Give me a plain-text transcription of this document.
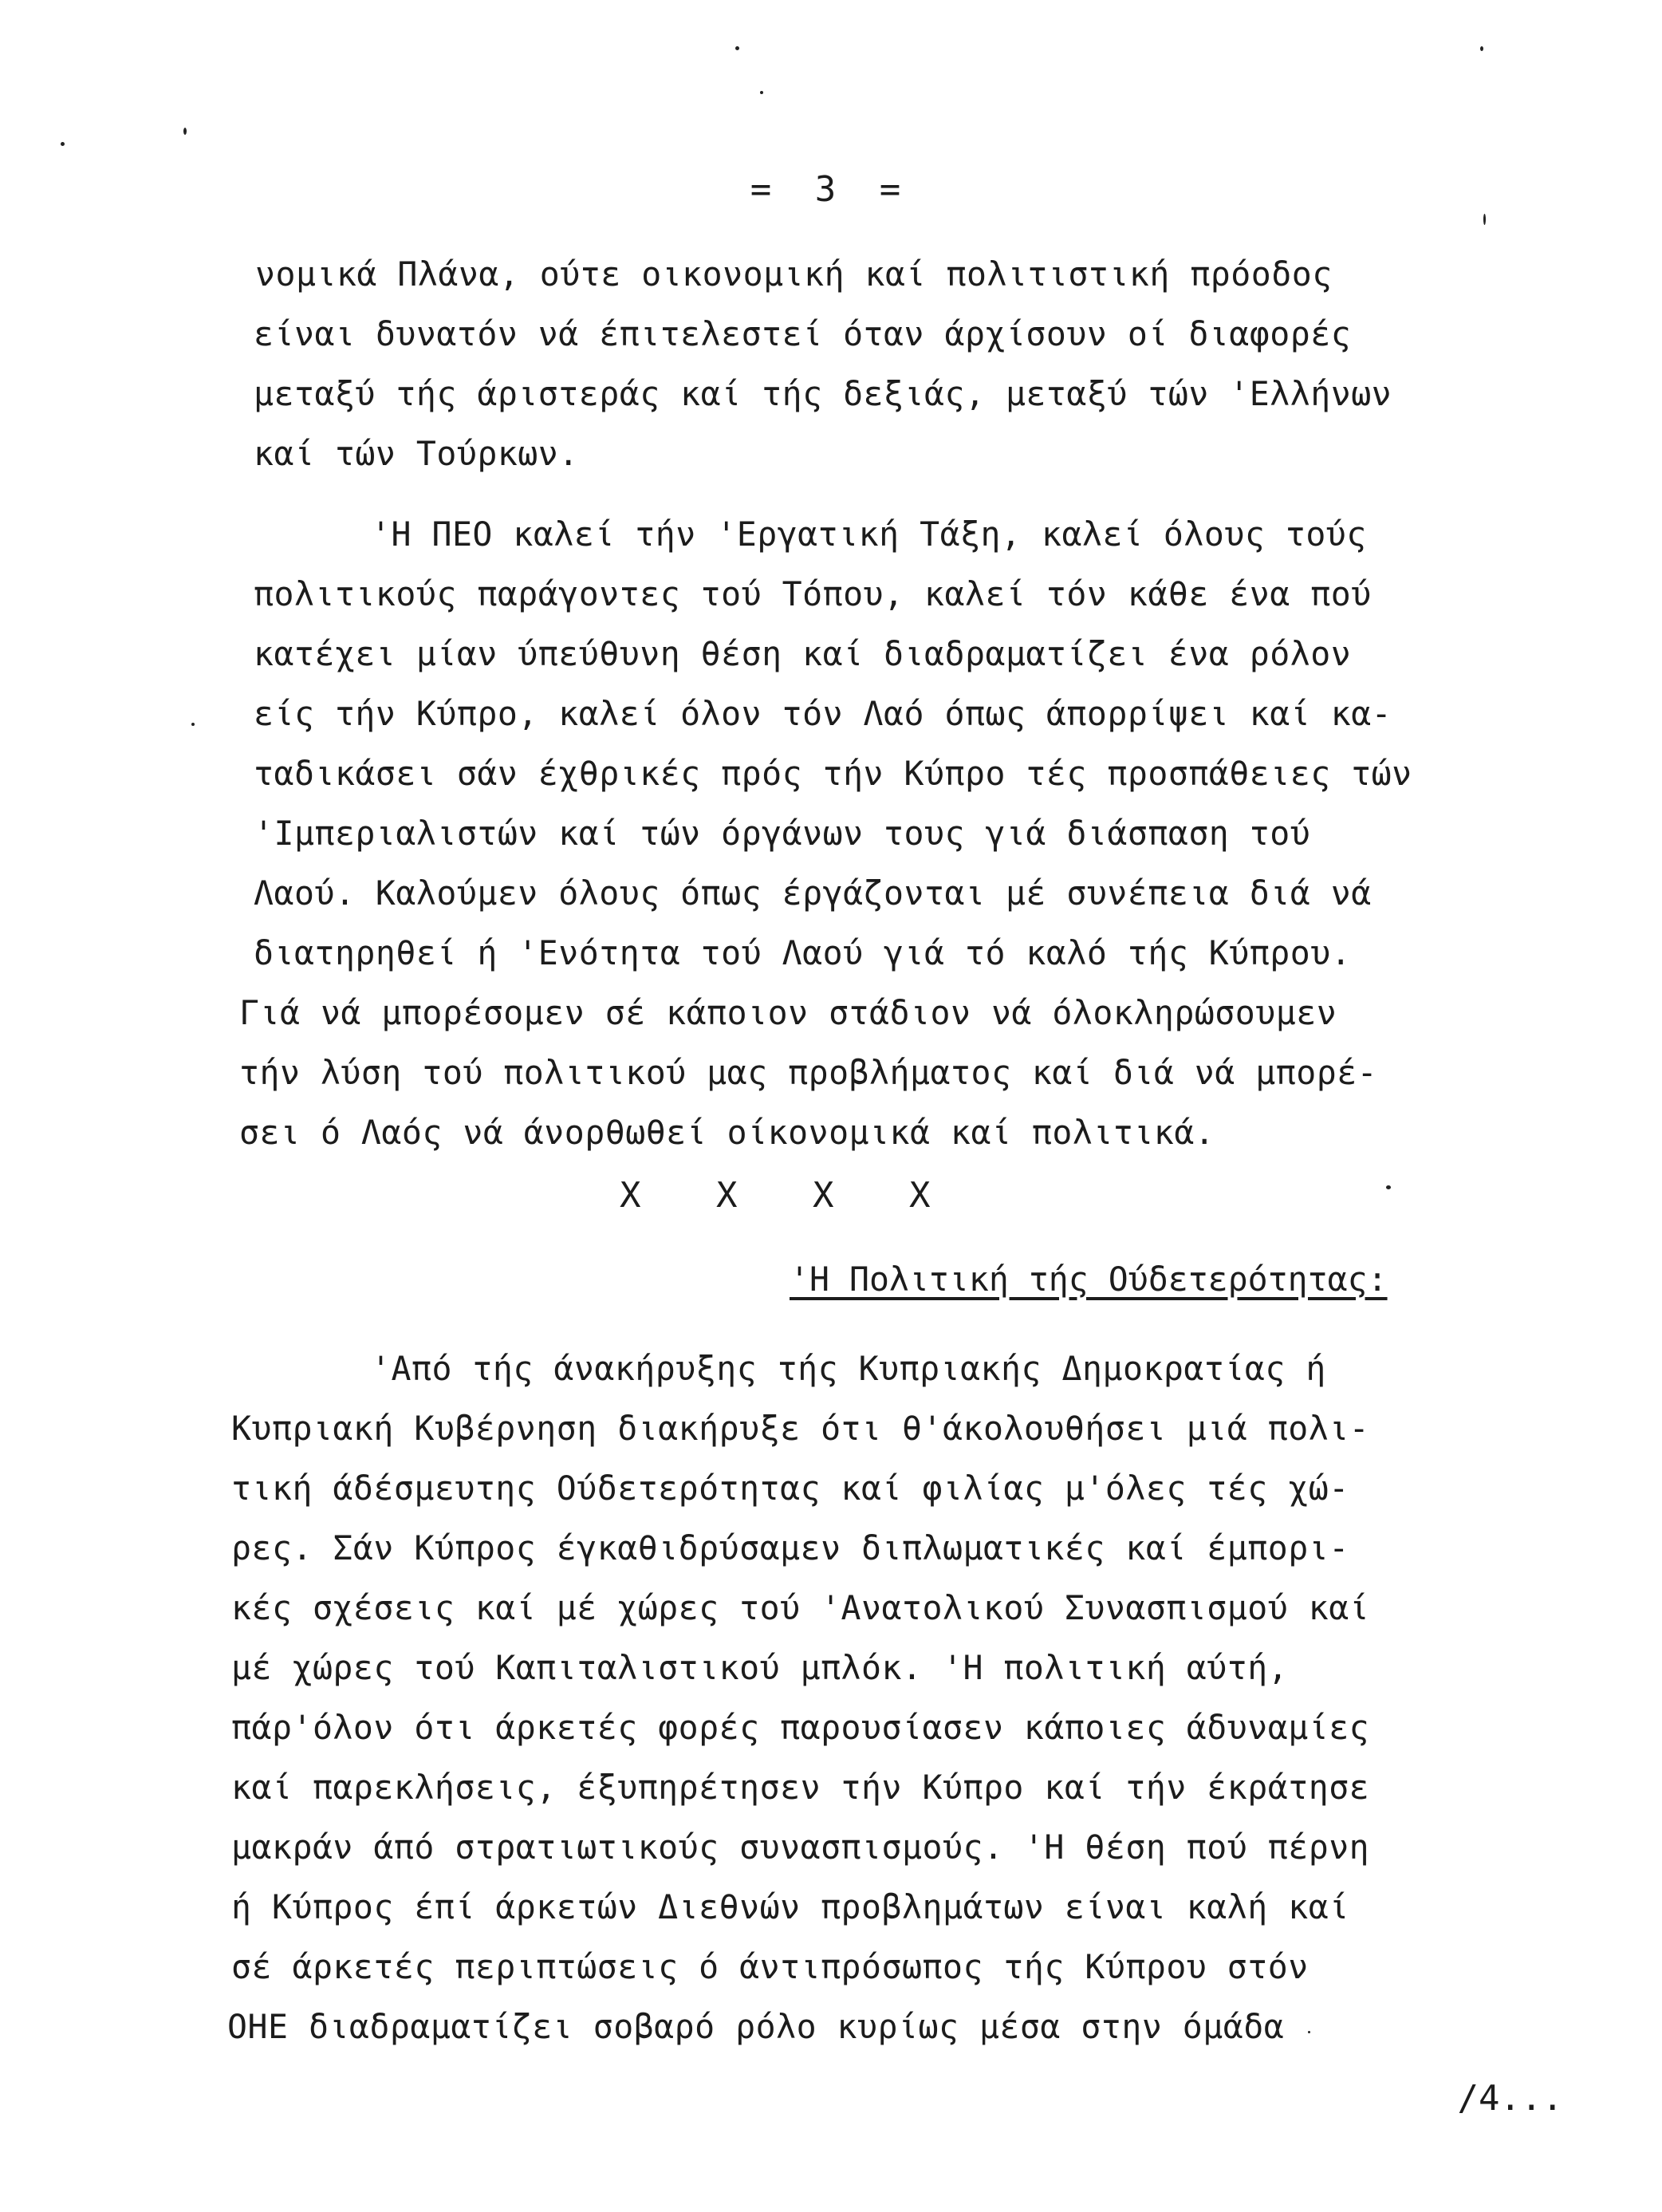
= 3 =

νομικά Πλάνα, ούτε οικονομική καί πολιτιστική πρόοδος

είναι δυνατόν νά έπιτελεστεί όταν άρχίσουν οί διαφορές

μεταξύ τής άριστεράς καί τής δεξιάς, μεταξύ τών 'Ελλήνων

καί τών Τούρκων.

'Η ΠΕΟ καλεί τήν 'Εργατική Τάξη, καλεί όλους τούς

πολιτικούς παράγοντες τού Τόπου, καλεί τόν κάθε ένα πού

κατέχει μίαν ύπεύθυνη θέση καί διαδραματίζει ένα ρόλον

είς τήν Κύπρο, καλεί όλον τόν Λαό όπως άπορρίψει καί κα-

ταδικάσει σάν έχθρικές πρός τήν Κύπρο τές προσπάθειες τών

'Ιμπεριαλιστών καί τών όργάνων τους γιά διάσπαση τού

Λαού. Καλούμεν όλους όπως έργάζονται μέ συνέπεια διά νά

διατηρηθεί ή 'Ενότητα τού Λαού γιά τό καλό τής Κύπρου.

Γιά νά μπορέσομεν σέ κάποιον στάδιον νά όλοκληρώσουμεν

τήν λύση τού πολιτικού μας προβλήματος καί διά νά μπορέ-

σει ό Λαός νά άνορθωθεί οίκονομικά καί πολιτικά.

X X X X
'Η Πολιτική τής Ούδετερότητας:

'Από τής άνακήρυξης τής Κυπριακής Δημοκρατίας ή

Κυπριακή Κυβέρνηση διακήρυξε ότι θ'άκολουθήσει μιά πολι-

τική άδέσμευτης Ούδετερότητας καί φιλίας μ'όλες τές χώ-

ρες. Σάν Κύπρος έγκαθιδρύσαμεν διπλωματικές καί έμπορι-

κές σχέσεις καί μέ χώρες τού 'Ανατολικού Συνασπισμού καί

μέ χώρες τού Καπιταλιστικού μπλόκ. 'Η πολιτική αύτή,

πάρ'όλον ότι άρκετές φορές παρουσίασεν κάποιες άδυναμίες

καί παρεκλήσεις, έξυπηρέτησεν τήν Κύπρο καί τήν έκράτησε

μακράν άπό στρατιωτικούς συνασπισμούς. 'Η θέση πού πέρνη

ή Κύπρος έπί άρκετών Διεθνών προβλημάτων είναι καλή καί

σέ άρκετές περιπτώσεις ό άντιπρόσωπος τής Κύπρου στόν

ΟΗΕ διαδραματίζει σοβαρό ρόλο κυρίως μέσα στην όμάδα

/4...
